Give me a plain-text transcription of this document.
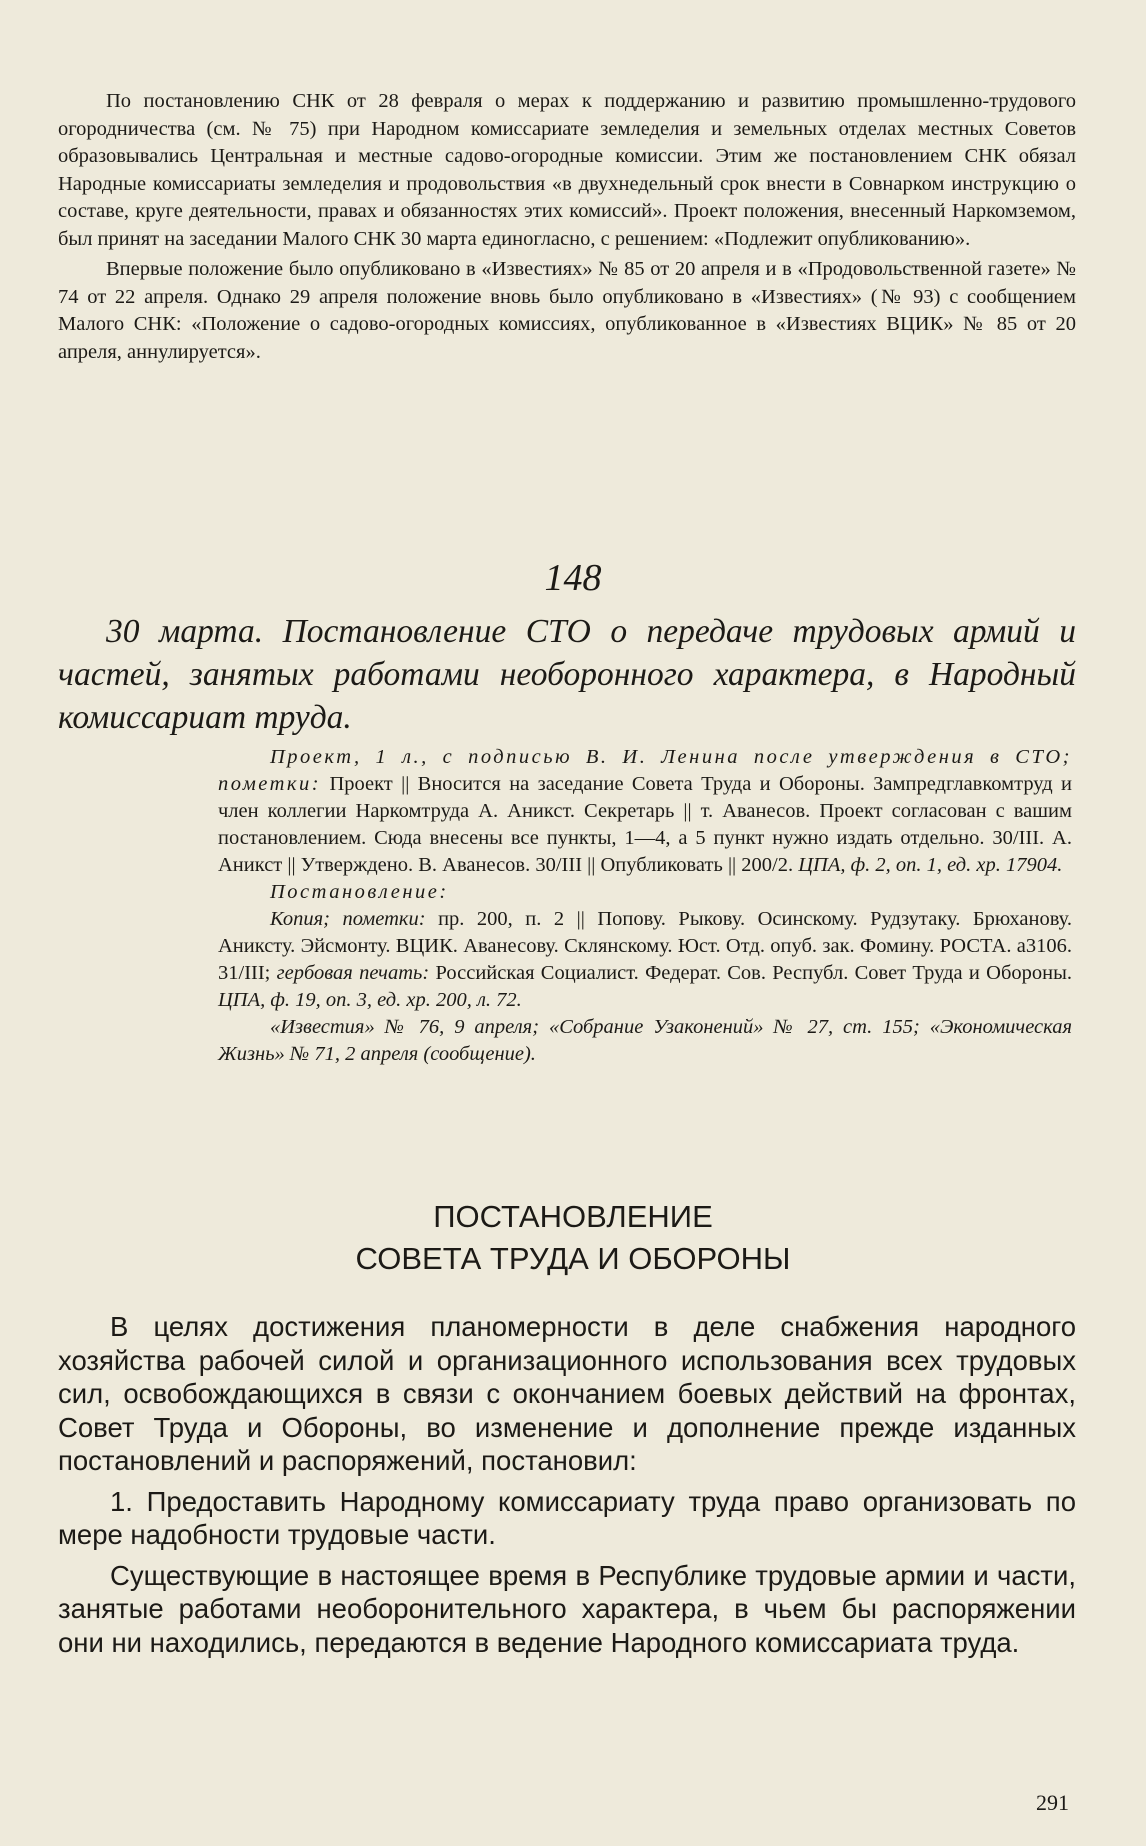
По постановлению СНК от 28 февраля о мерах к поддержанию и развитию промышленно-трудового огородничества (см. № 75) при Народном комиссариате земледелия и земельных отделах местных Советов образовывались Центральная и местные садово-огородные комиссии. Этим же постановлением СНК обязал Народные комиссариаты земледелия и продовольствия «в двухнедельный срок внести в Совнарком инструкцию о составе, круге деятельности, правах и обязанностях этих комиссий». Проект положения, внесенный Наркомземом, был принят на заседании Малого СНК 30 марта единогласно, с решением: «Подлежит опубликованию».

Впервые положение было опубликовано в «Известиях» № 85 от 20 апреля и в «Продовольственной газете» № 74 от 22 апреля. Однако 29 апреля положение вновь было опубликовано в «Известиях» (№ 93) с сообщением Малого СНК: «Положение о садово-огородных комиссиях, опубликованное в «Известиях ВЦИК» № 85 от 20 апреля, аннулируется».

148

30 марта. Постановление СТО о передаче трудовых армий и частей, занятых работами необоронного характера, в Народный комиссариат труда.

Проект, 1 л., с подписью В. И. Ленина после утверждения в СТО; пометки: Проект || Вносится на заседание Совета Труда и Обороны. Зампредглавкомтруд и член коллегии Наркомтруда А. Аникст. Секретарь || т. Аванесов. Проект согласован с вашим постановлением. Сюда внесены все пункты, 1—4, а 5 пункт нужно издать отдельно. 30/III. А. Аникст || Утверждено. В. Аванесов. 30/III || Опубликовать || 200/2. ЦПА, ф. 2, оп. 1, ед. хр. 17904.

Постановление:

Копия; пометки: пр. 200, п. 2 || Попову. Рыкову. Осинскому. Рудзутаку. Брюханову. Аниксту. Эйсмонту. ВЦИК. Аванесову. Склянскому. Юст. Отд. опуб. зак. Фомину. РОСТА. а3106. 31/III; гербовая печать: Российская Социалист. Федерат. Сов. Республ. Совет Труда и Обороны. ЦПА, ф. 19, оп. 3, ед. хр. 200, л. 72.

«Известия» № 76, 9 апреля; «Собрание Узаконений» № 27, ст. 155; «Экономическая Жизнь» № 71, 2 апреля (сообщение).

ПОСТАНОВЛЕНИЕ
СОВЕТА ТРУДА И ОБОРОНЫ

В целях достижения планомерности в деле снабжения народного хозяйства рабочей силой и организационного использования всех трудовых сил, освобождающихся в связи с окончанием боевых действий на фронтах, Совет Труда и Обороны, во изменение и дополнение прежде изданных постановлений и распоряжений, постановил:

1. Предоставить Народному комиссариату труда право организовать по мере надобности трудовые части.

Существующие в настоящее время в Республике трудовые армии и части, занятые работами необоронительного характера, в чьем бы распоряжении они ни находились, передаются в ведение Народного комиссариата труда.

291
